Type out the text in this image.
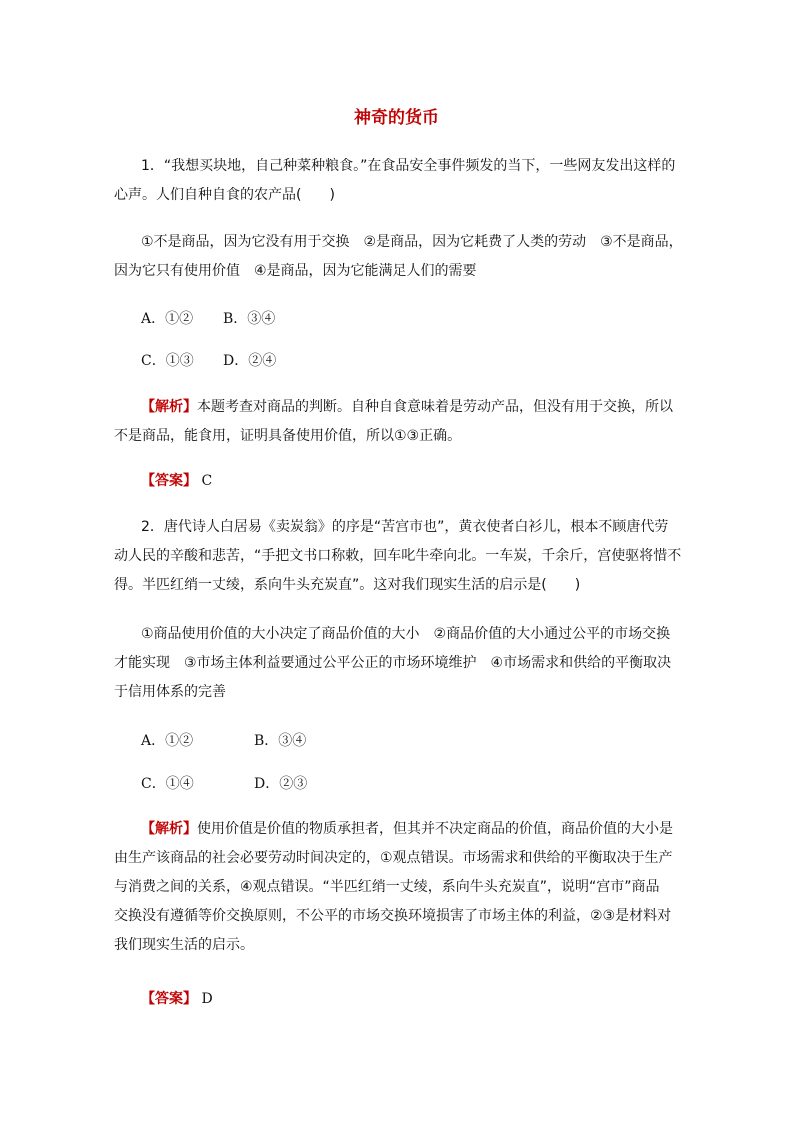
神奇的货币
1．“我想买块地，自己种菜种粮食。”在食品安全事件频发的当下，一些网友发出这样的
心声。人们自种自食的农产品(　　)
①不是商品，因为它没有用于交换　②是商品，因为它耗费了人类的劳动　③不是商品，
因为它只有使用价值　④是商品，因为它能满足人们的需要
A．①② B．③④
C．①③ D．②④
【解析】本题考查对商品的判断。自种自食意味着是劳动产品，但没有用于交换，所以
不是商品，能食用，证明具备使用价值，所以①③正确。
【答案】 C
2．唐代诗人白居易《卖炭翁》的序是“苦宫市也”，黄衣使者白衫儿，根本不顾唐代劳
动人民的辛酸和悲苦，“手把文书口称敕，回车叱牛牵向北。一车炭，千余斤，宫使驱将惜不
得。半匹红绡一丈绫，系向牛头充炭直”。这对我们现实生活的启示是(　　)
①商品使用价值的大小决定了商品价值的大小　②商品价值的大小通过公平的市场交换
才能实现　③市场主体利益要通过公平公正的市场环境维护　④市场需求和供给的平衡取决
于信用体系的完善
A．①②	B．③④
C．①④	D．②③
【解析】使用价值是价值的物质承担者，但其并不决定商品的价值，商品价值的大小是
由生产该商品的社会必要劳动时间决定的，①观点错误。市场需求和供给的平衡取决于生产
与消费之间的关系，④观点错误。“半匹红绡一丈绫，系向牛头充炭直”，说明“宫市”商品
交换没有遵循等价交换原则，不公平的市场交换环境损害了市场主体的利益，②③是材料对
我们现实生活的启示。
【答案】 D
